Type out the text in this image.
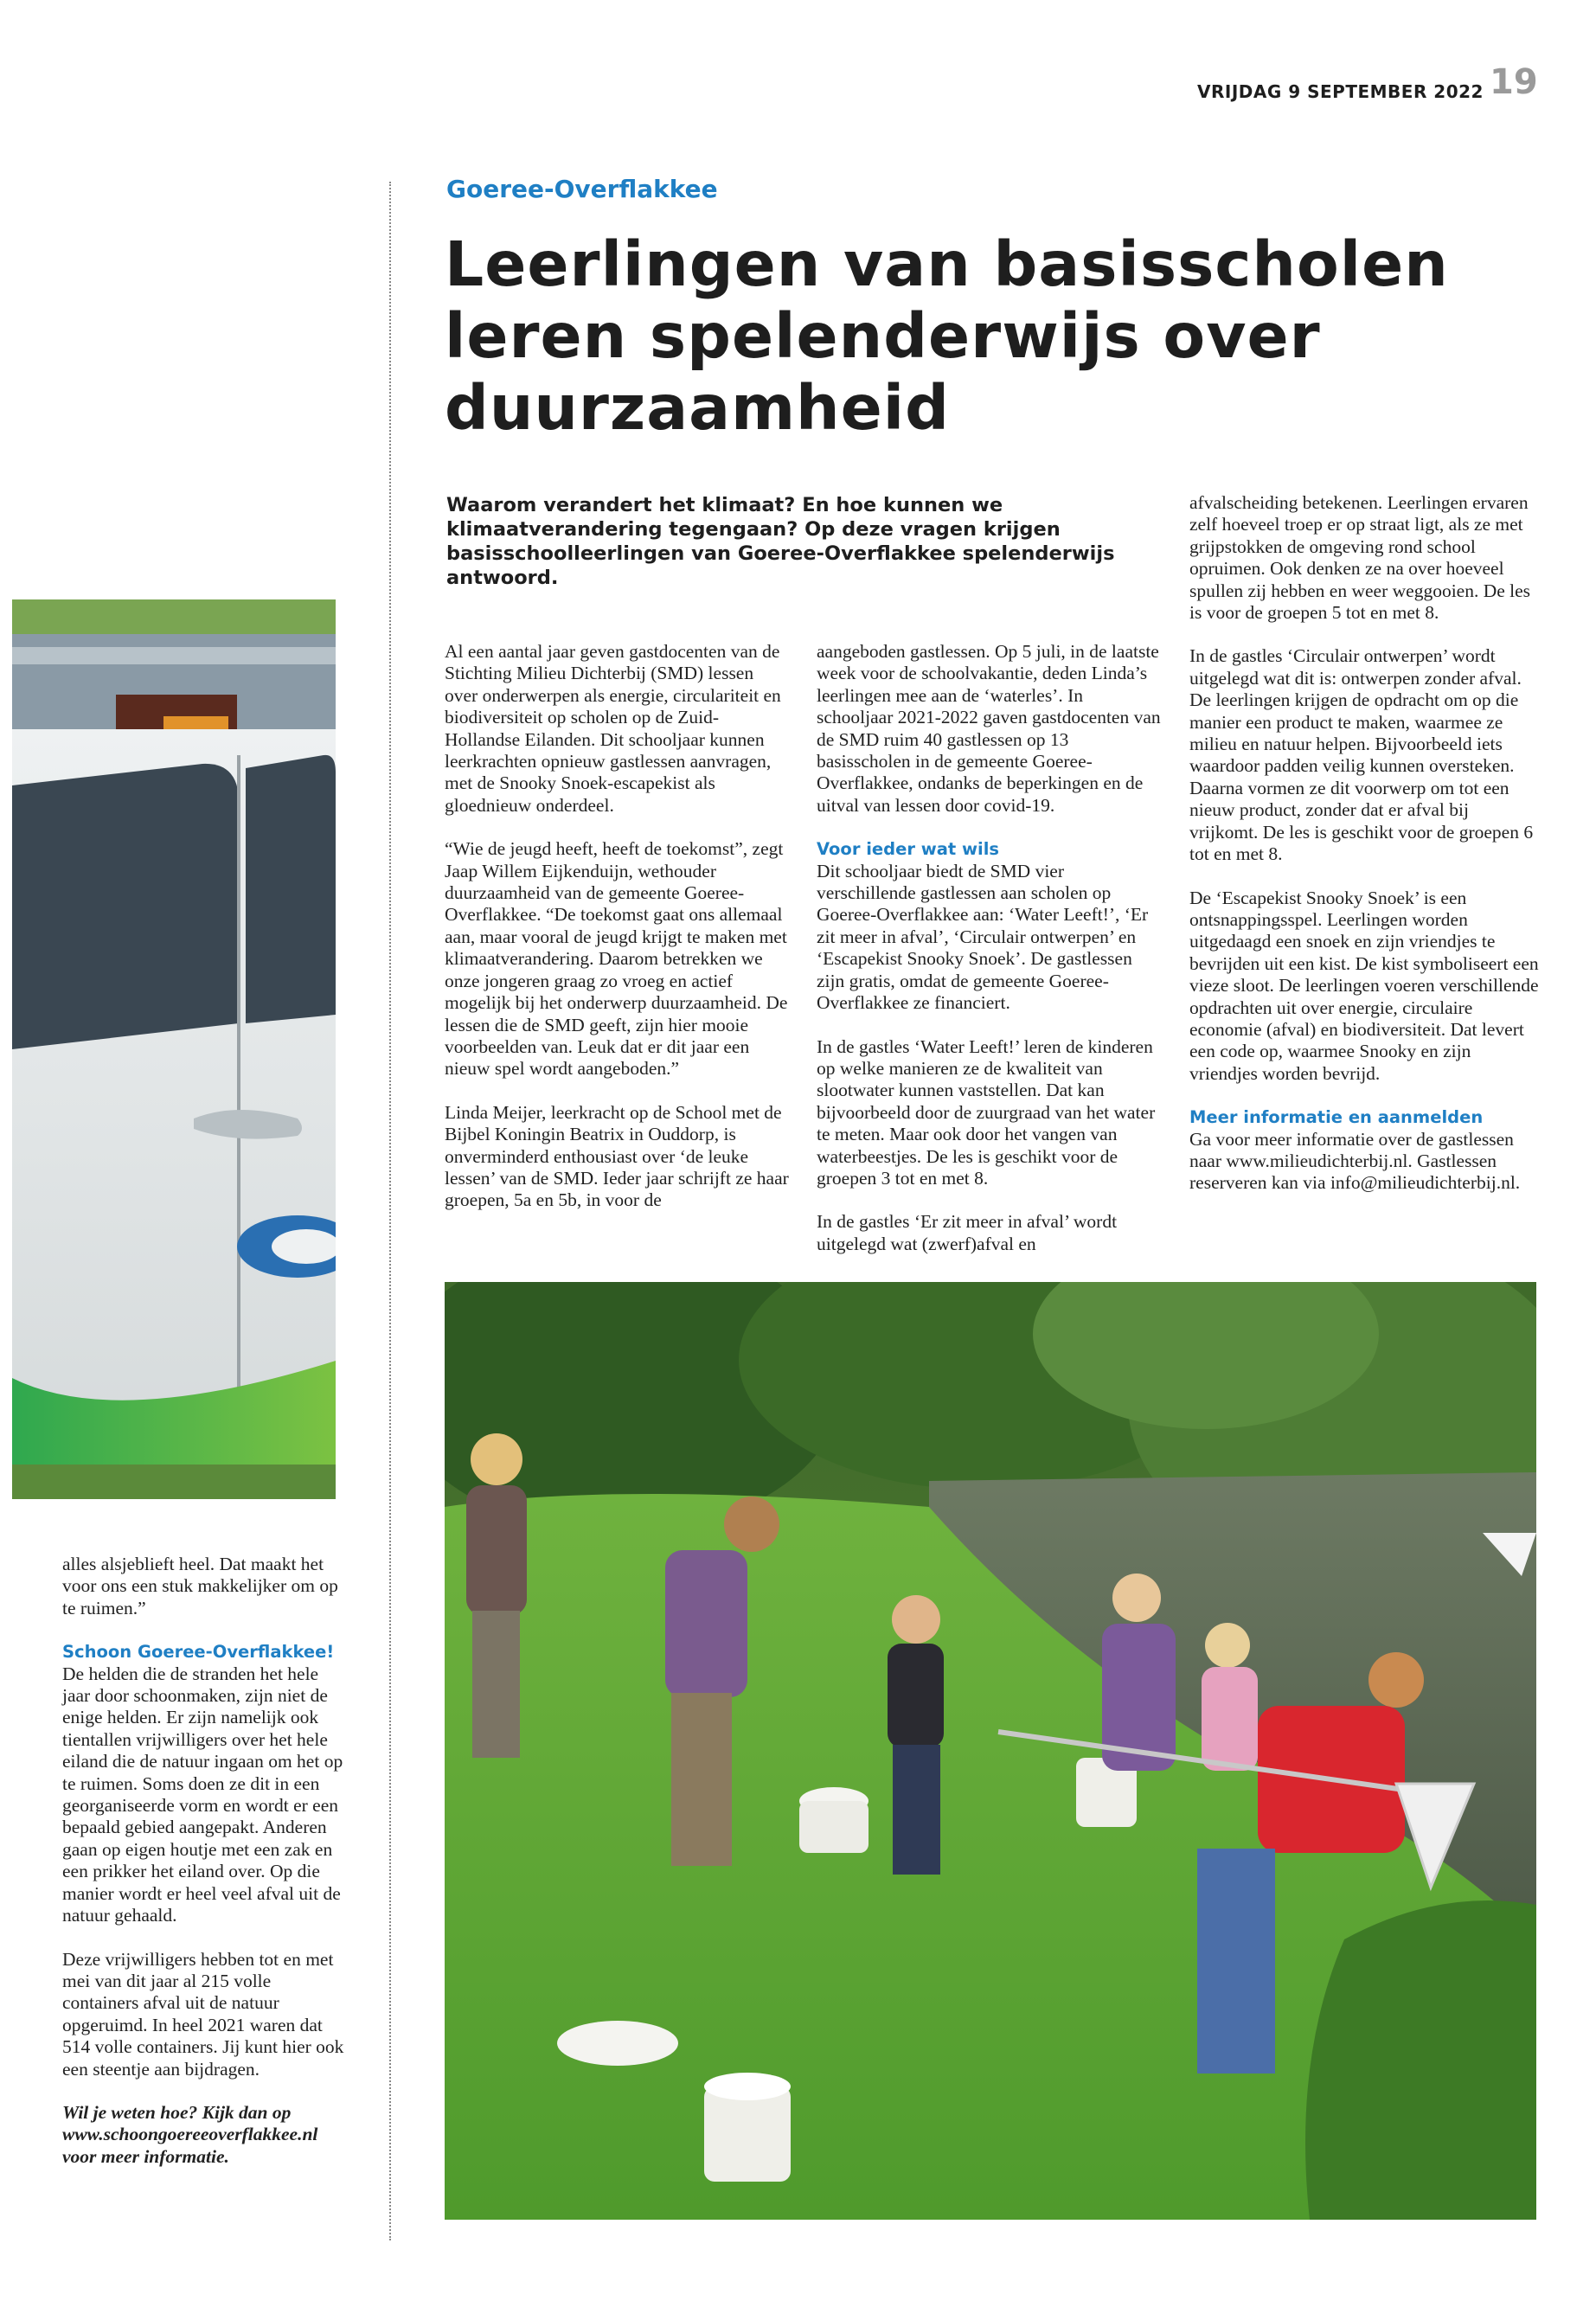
VRIJDAG 9 SEPTEMBER 2022 19
Goeree-Overflakkee
Leerlingen van basisscholen
leren spelenderwijs over
duurzaamheid
Waarom verandert het klimaat? En hoe kunnen we
klimaatverandering tegengaan? Op deze vragen krijgen
basisschoolleerlingen van Goeree-Overflakkee spelenderwijs
antwoord.

Al een aantal jaar geven gastdocenten van de Stichting Milieu Dichterbij (SMD) lessen over onderwerpen als energie, circulariteit en biodiversiteit op scholen op de Zuid-Hollandse Eilanden. Dit schooljaar kunnen leerkrachten opnieuw gastlessen aanvragen, met de Snooky Snoek-escapekist als gloednieuw onderdeel.

“Wie de jeugd heeft, heeft de toekomst”, zegt Jaap Willem Eijkenduijn, wethouder duurzaamheid van de gemeente Goeree-Overflakkee. “De toekomst gaat ons allemaal aan, maar vooral de jeugd krijgt te maken met klimaatverandering. Daarom betrekken we onze jongeren graag zo vroeg en actief mogelijk bij het onderwerp duurzaamheid. De lessen die de SMD geeft, zijn hier mooie voorbeelden van. Leuk dat er dit jaar een nieuw spel wordt aangeboden.”

Linda Meijer, leerkracht op de School met de Bijbel Koningin Beatrix in Ouddorp, is onverminderd enthousiast over ‘de leuke lessen’ van de SMD. Ieder jaar schrijft ze haar groepen, 5a en 5b, in voor de

aangeboden gastlessen. Op 5 juli, in de laatste week voor de schoolvakantie, deden Linda’s leerlingen mee aan de ‘waterles’. In schooljaar 2021-2022 gaven gastdocenten van de SMD ruim 40 gastlessen op 13 basisscholen in de gemeente Goeree-Overflakkee, ondanks de beperkingen en de uitval van lessen door covid-19.

Voor ieder wat wils

Dit schooljaar biedt de SMD vier verschillende gastlessen aan scholen op Goeree-Overflakkee aan: ‘Water Leeft!’, ‘Er zit meer in afval’, ‘Circulair ontwerpen’ en ‘Escapekist Snooky Snoek’. De gastlessen zijn gratis, omdat de gemeente Goeree-Overflakkee ze financiert.

In de gastles ‘Water Leeft!’ leren de kinderen op welke manieren ze de kwaliteit van slootwater kunnen vaststellen. Dat kan bijvoorbeeld door de zuurgraad van het water te meten. Maar ook door het vangen van waterbeestjes. De les is geschikt voor de groepen 3 tot en met 8.

In de gastles ‘Er zit meer in afval’ wordt uitgelegd wat (zwerf)afval en

afvalscheiding betekenen. Leerlingen ervaren zelf hoeveel troep er op straat ligt, als ze met grijpstokken de omgeving rond school opruimen. Ook denken ze na over hoeveel spullen zij hebben en weer weggooien. De les is voor de groepen 5 tot en met 8.

In de gastles ‘Circulair ontwerpen’ wordt uitgelegd wat dit is: ontwerpen zonder afval. De leerlingen krijgen de opdracht om op die manier een product te maken, waarmee ze milieu en natuur helpen. Bijvoorbeeld iets waardoor padden veilig kunnen oversteken. Daarna vormen ze dit voorwerp om tot een nieuw product, zonder dat er afval bij vrijkomt. De les is geschikt voor de groepen 6 tot en met 8.

De ‘Escapekist Snooky Snoek’ is een ontsnappingsspel. Leerlingen worden uitgedaagd een snoek en zijn vriendjes te bevrijden uit een kist. De kist symboliseert een vieze sloot. De leerlingen voeren verschillende opdrachten uit over energie, circulaire economie (afval) en biodiversiteit. Dat levert een code op, waarmee Snooky en zijn vriendjes worden bevrijd.

Meer informatie en aanmelden

Ga voor meer informatie over de gastlessen naar www.milieudichterbij.nl. Gastlessen reserveren kan via info@milieudichterbij.nl.

alles alsjeblieft heel. Dat maakt het voor ons een stuk makkelijker om op te ruimen.”

Schoon Goeree-Overflakkee!

De helden die de stranden het hele jaar door schoonmaken, zijn niet de enige helden. Er zijn namelijk ook tientallen vrijwilligers over het hele eiland die de natuur ingaan om het op te ruimen. Soms doen ze dit in een georganiseerde vorm en wordt er een bepaald gebied aangepakt. Anderen gaan op eigen houtje met een zak en een prikker het eiland over. Op die manier wordt er heel veel afval uit de natuur gehaald.

Deze vrijwilligers hebben tot en met mei van dit jaar al 215 volle containers afval uit de natuur opgeruimd. In heel 2021 waren dat 514 volle containers. Jij kunt hier ook een steentje aan bijdragen.

Wil je weten hoe? Kijk dan op www.schoongoereeoverflakkee.nl voor meer informatie.
